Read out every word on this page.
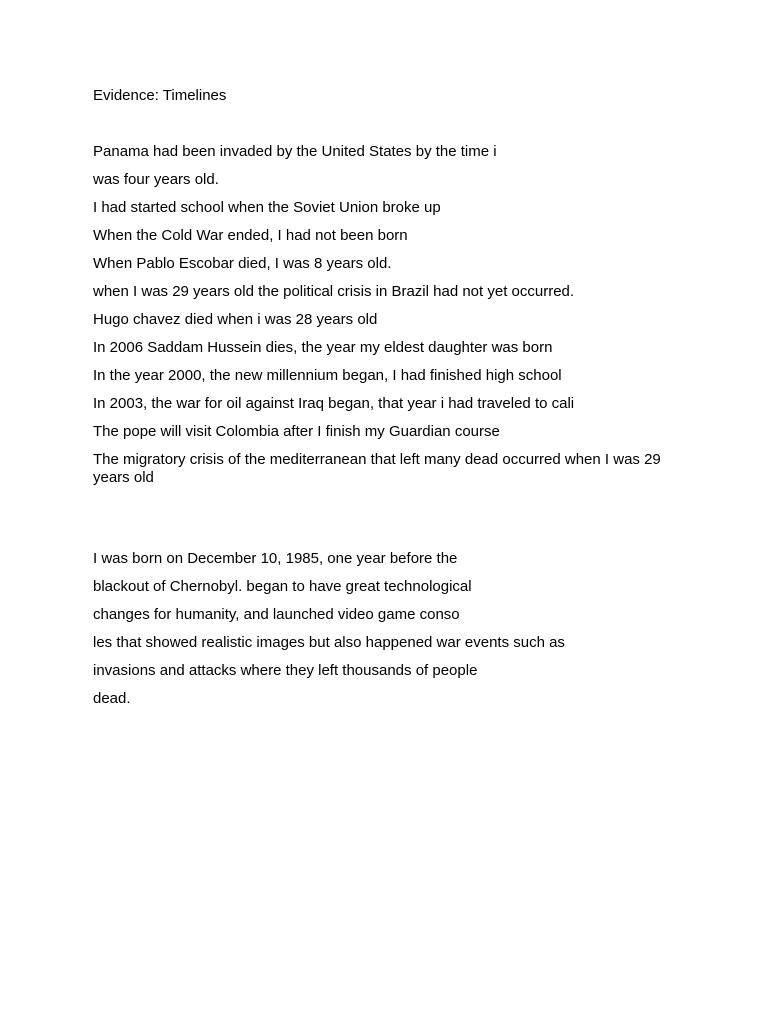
Evidence: Timelines
Panama had been invaded by the United States by the time i
was four years old.
I had started school when the Soviet Union broke up
When the Cold War ended, I had not been born
When Pablo Escobar died, I was 8 years old.
when I was 29 years old the political crisis in Brazil had not yet occurred.
Hugo chavez died when i was 28 years old
In 2006 Saddam Hussein dies, the year my eldest daughter was born
In the year 2000, the new millennium began, I had finished high school
In 2003, the war for oil against Iraq began, that year i had traveled to cali
The pope will visit Colombia after I finish my Guardian course
The migratory crisis of the mediterranean that left many dead occurred when I was 29 years old
I was born on December 10, 1985, one year before the
blackout of Chernobyl. began to have great technological
changes for humanity, and launched video game conso
les that showed realistic images but also happened war events such as
invasions and attacks where they left thousands of people
dead.
